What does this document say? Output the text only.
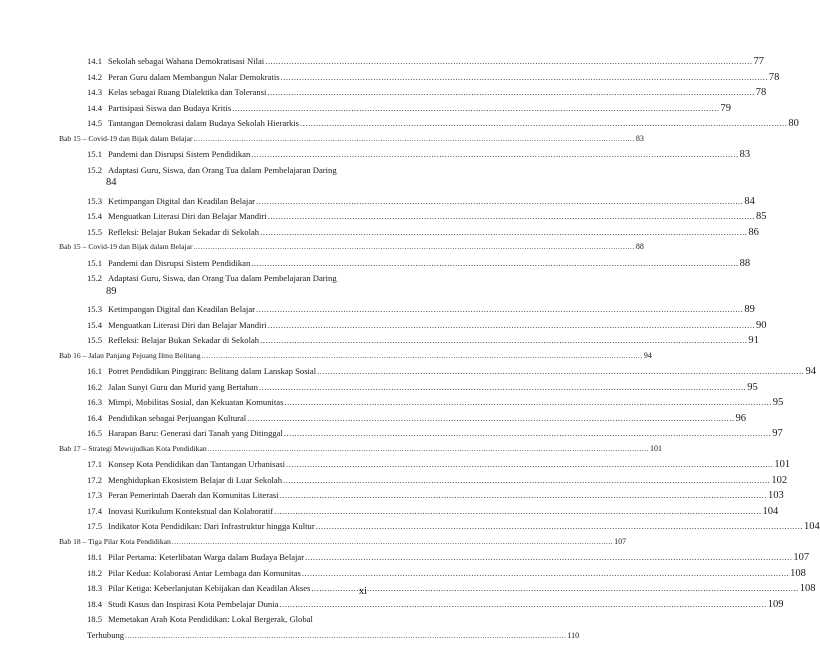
14.1 Sekolah sebagai Wahana Demokratisasi Nilai .....	77
14.2 Peran Guru dalam Membangun Nalar Demokratis .....	78
14.3 Kelas sebagai Ruang Dialektika dan Toleransi .....	78
14.4 Partisipasi Siswa dan Budaya Kritis .....	79
14.5 Tantangan Demokrasi dalam Budaya Sekolah Hierarkis .....	80
Bab 15 – Covid-19 dan Bijak dalam Belajar .....	83
15.1 Pandemi dan Disrupsi Sistem Pendidikan .....	83
15.2 Adaptasi Guru, Siswa, dan Orang Tua dalam Pembelajaran Daring
84
15.3 Ketimpangan Digital dan Keadilan Belajar .....	84
15.4 Menguatkan Literasi Diri dan Belajar Mandiri .....	85
15.5 Refleksi: Belajar Bukan Sekadar di Sekolah .....	86
Bab 15 – Covid-19 dan Bijak dalam Belajar .....	88
15.1 Pandemi dan Disrupsi Sistem Pendidikan .....	88
15.2 Adaptasi Guru, Siswa, dan Orang Tua dalam Pembelajaran Daring
89
15.3 Ketimpangan Digital dan Keadilan Belajar .....	89
15.4 Menguatkan Literasi Diri dan Belajar Mandiri .....	90
15.5 Refleksi: Belajar Bukan Sekadar di Sekolah .....	91
Bab 16 – Jalan Panjang Pejuang Ilmu Belitang .....	94
16.1 Potret Pendidikan Pinggiran: Belitang dalam Lanskap Sosial .....	94
16.2 Jalan Sunyi Guru dan Murid yang Bertahan .....	95
16.3 Mimpi, Mobilitas Sosial, dan Kekuatan Komunitas .....	95
16.4 Pendidikan sebagai Perjuangan Kultural .....	96
16.5 Harapan Baru: Generasi dari Tanah yang Ditinggal .....	97
Bab 17 – Strategi Mewujudkan Kota Pendidikan .....	101
17.1 Konsep Kota Pendidikan dan Tantangan Urbanisasi .....	101
17.2 Menghidupkan Ekosistem Belajar di Luar Sekolah .....	102
17.3 Peran Pemerintah Daerah dan Komunitas Literasi .....	103
17.4 Inovasi Kurikulum Kontekstual dan Kolaboratif .....	104
17.5 Indikator Kota Pendidikan: Dari Infrastruktur hingga Kultur .....	104
Bab 18 – Tiga Pilar Kota Pendidikan .....	107
18.1 Pilar Pertama: Keterlibatan Warga dalam Budaya Belajar .....	107
18.2 Pilar Kedua: Kolaborasi Antar Lembaga dan Komunitas .....	108
18.3 Pilar Ketiga: Keberlanjutan Kebijakan dan Keadilan Akses .....	108
18.4 Studi Kasus dan Inspirasi Kota Pembelajar Dunia .....	109
18.5 Memetakan Arah Kota Pendidikan: Lokal Bergerak, Global
Terhubung .....	110
xi
